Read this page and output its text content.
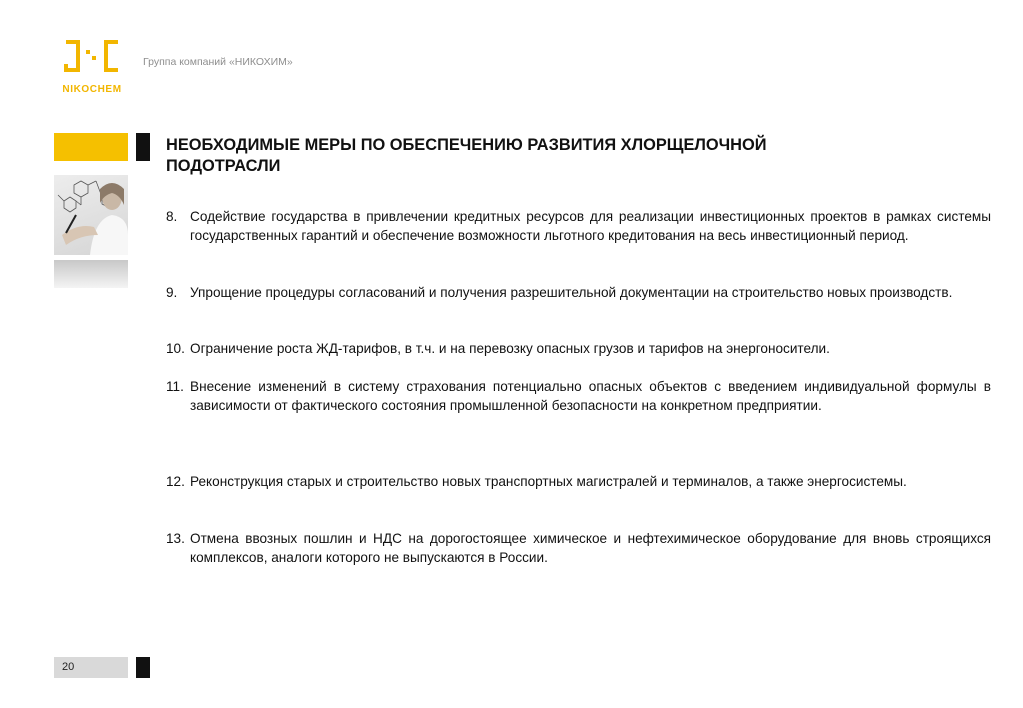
NIKOCHEM
Группа компаний «НИКОХИМ»
НЕОБХОДИМЫЕ МЕРЫ ПО ОБЕСПЕЧЕНИЮ РАЗВИТИЯ ХЛОРЩЕЛОЧНОЙ
ПОДОТРАСЛИ
8. Содействие государства в привлечении кредитных ресурсов для реализации инвестиционных проектов в рамках системы государственных гарантий и обеспечение возможности льготного кредитования на весь инвестиционный период.
9. Упрощение процедуры согласований и получения разрешительной документации на строительство новых производств.
10. Ограничение роста ЖД-тарифов, в т.ч. и на перевозку опасных грузов и тарифов на энергоносители.
11. Внесение изменений в систему страхования потенциально опасных объектов с введением индивидуальной формулы в зависимости от фактического состояния промышленной безопасности на конкретном предприятии.
12. Реконструкция старых и строительство новых транспортных магистралей и терминалов, а также энергосистемы.
13. Отмена ввозных пошлин и НДС на дорогостоящее химическое и нефтехимическое оборудование для вновь строящихся комплексов, аналоги которого не выпускаются в России.
20
